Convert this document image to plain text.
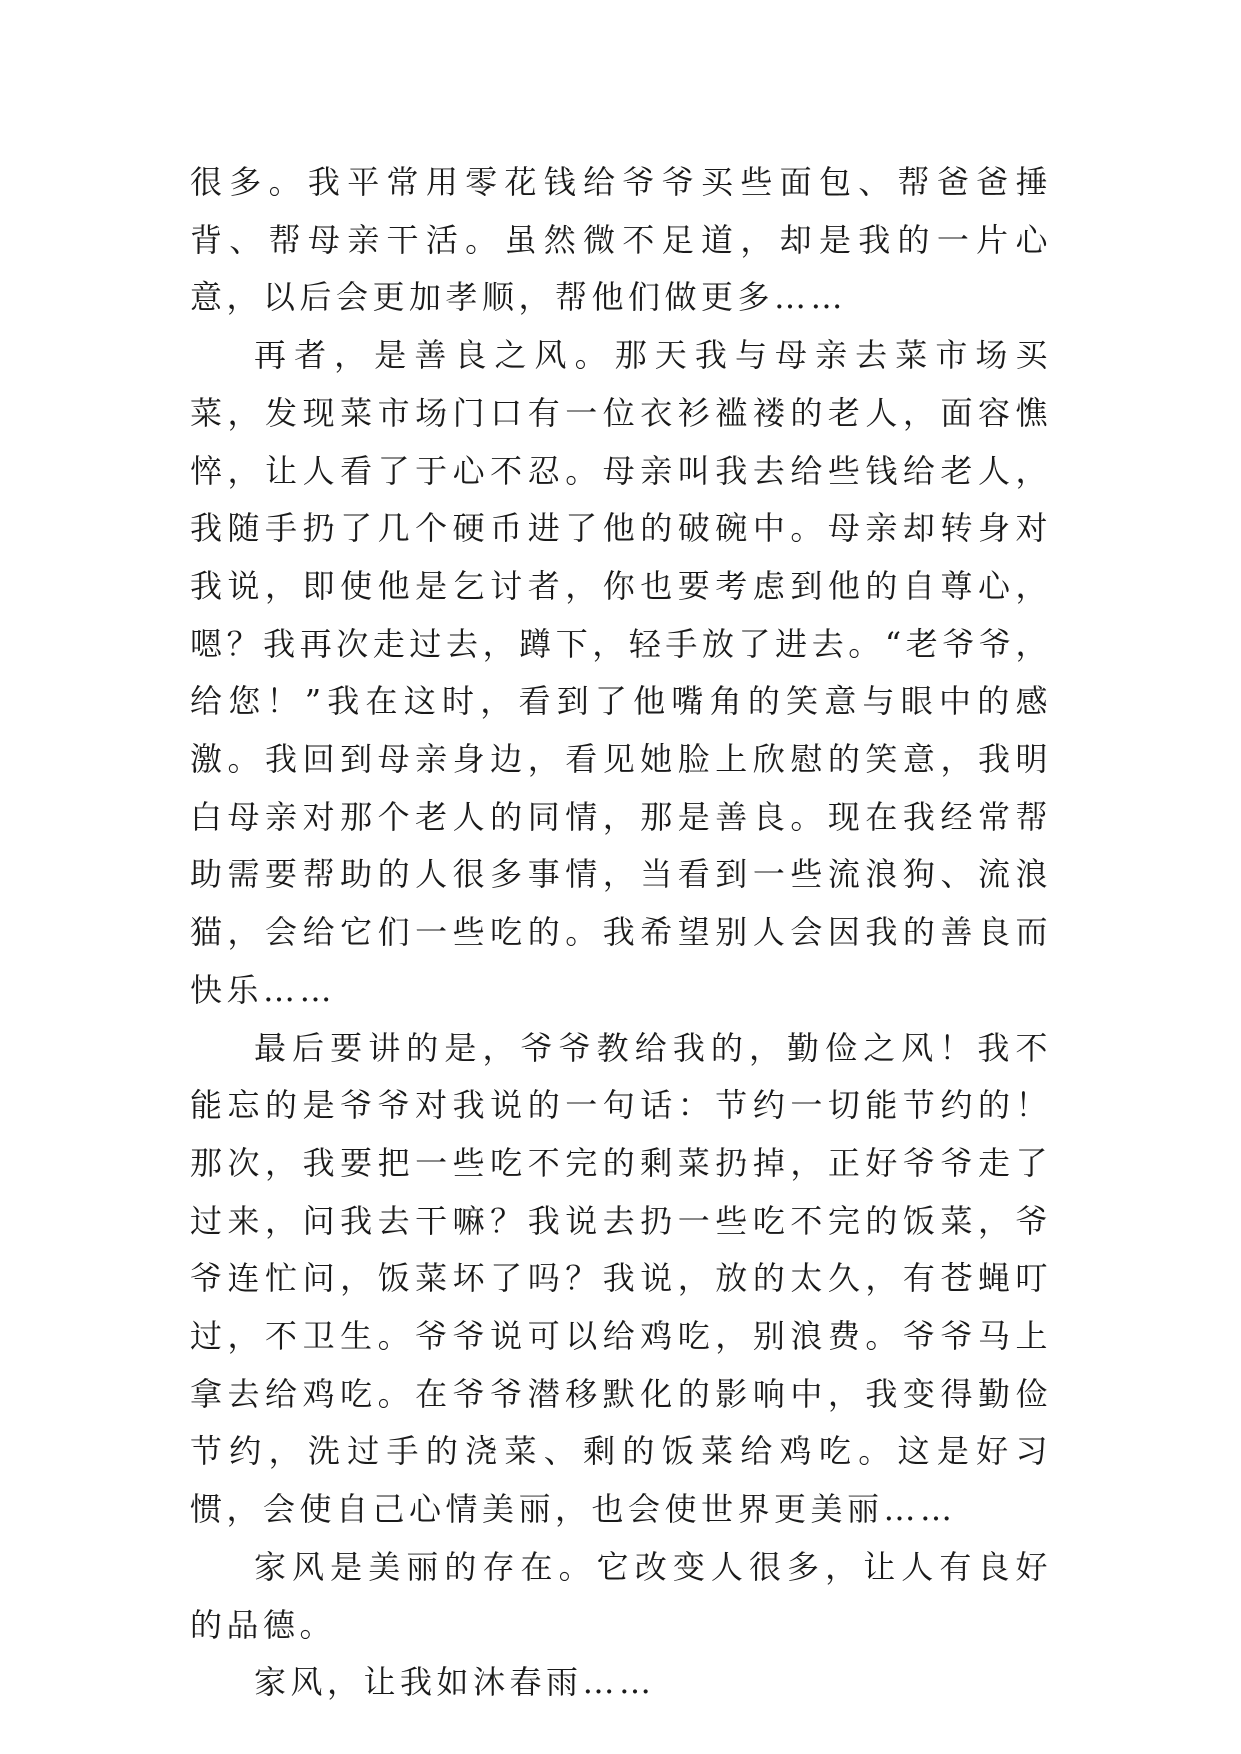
很多。我平常用零花钱给爷爷买些面包、帮爸爸捶背、帮母亲干活。虽然微不足道，却是我的一片心意，以后会更加孝顺，帮他们做更多……

再者，是善良之风。那天我与母亲去菜市场买菜，发现菜市场门口有一位衣衫褴褛的老人，面容憔悴，让人看了于心不忍。母亲叫我去给些钱给老人，我随手扔了几个硬币进了他的破碗中。母亲却转身对我说，即使他是乞讨者，你也要考虑到他的自尊心，嗯？我再次走过去，蹲下，轻手放了进去。“老爷爷，给您！”我在这时，看到了他嘴角的笑意与眼中的感激。我回到母亲身边，看见她脸上欣慰的笑意，我明白母亲对那个老人的同情，那是善良。现在我经常帮助需要帮助的人很多事情，当看到一些流浪狗、流浪猫，会给它们一些吃的。我希望别人会因我的善良而快乐……

最后要讲的是，爷爷教给我的，勤俭之风！我不能忘的是爷爷对我说的一句话：节约一切能节约的！那次，我要把一些吃不完的剩菜扔掉，正好爷爷走了过来，问我去干嘛？我说去扔一些吃不完的饭菜，爷爷连忙问，饭菜坏了吗？我说，放的太久，有苍蝇叮过，不卫生。爷爷说可以给鸡吃，别浪费。爷爷马上拿去给鸡吃。在爷爷潜移默化的影响中，我变得勤俭节约，洗过手的浇菜、剩的饭菜给鸡吃。这是好习惯，会使自己心情美丽，也会使世界更美丽……

家风是美丽的存在。它改变人很多，让人有良好的品德。

家风，让我如沐春雨……
